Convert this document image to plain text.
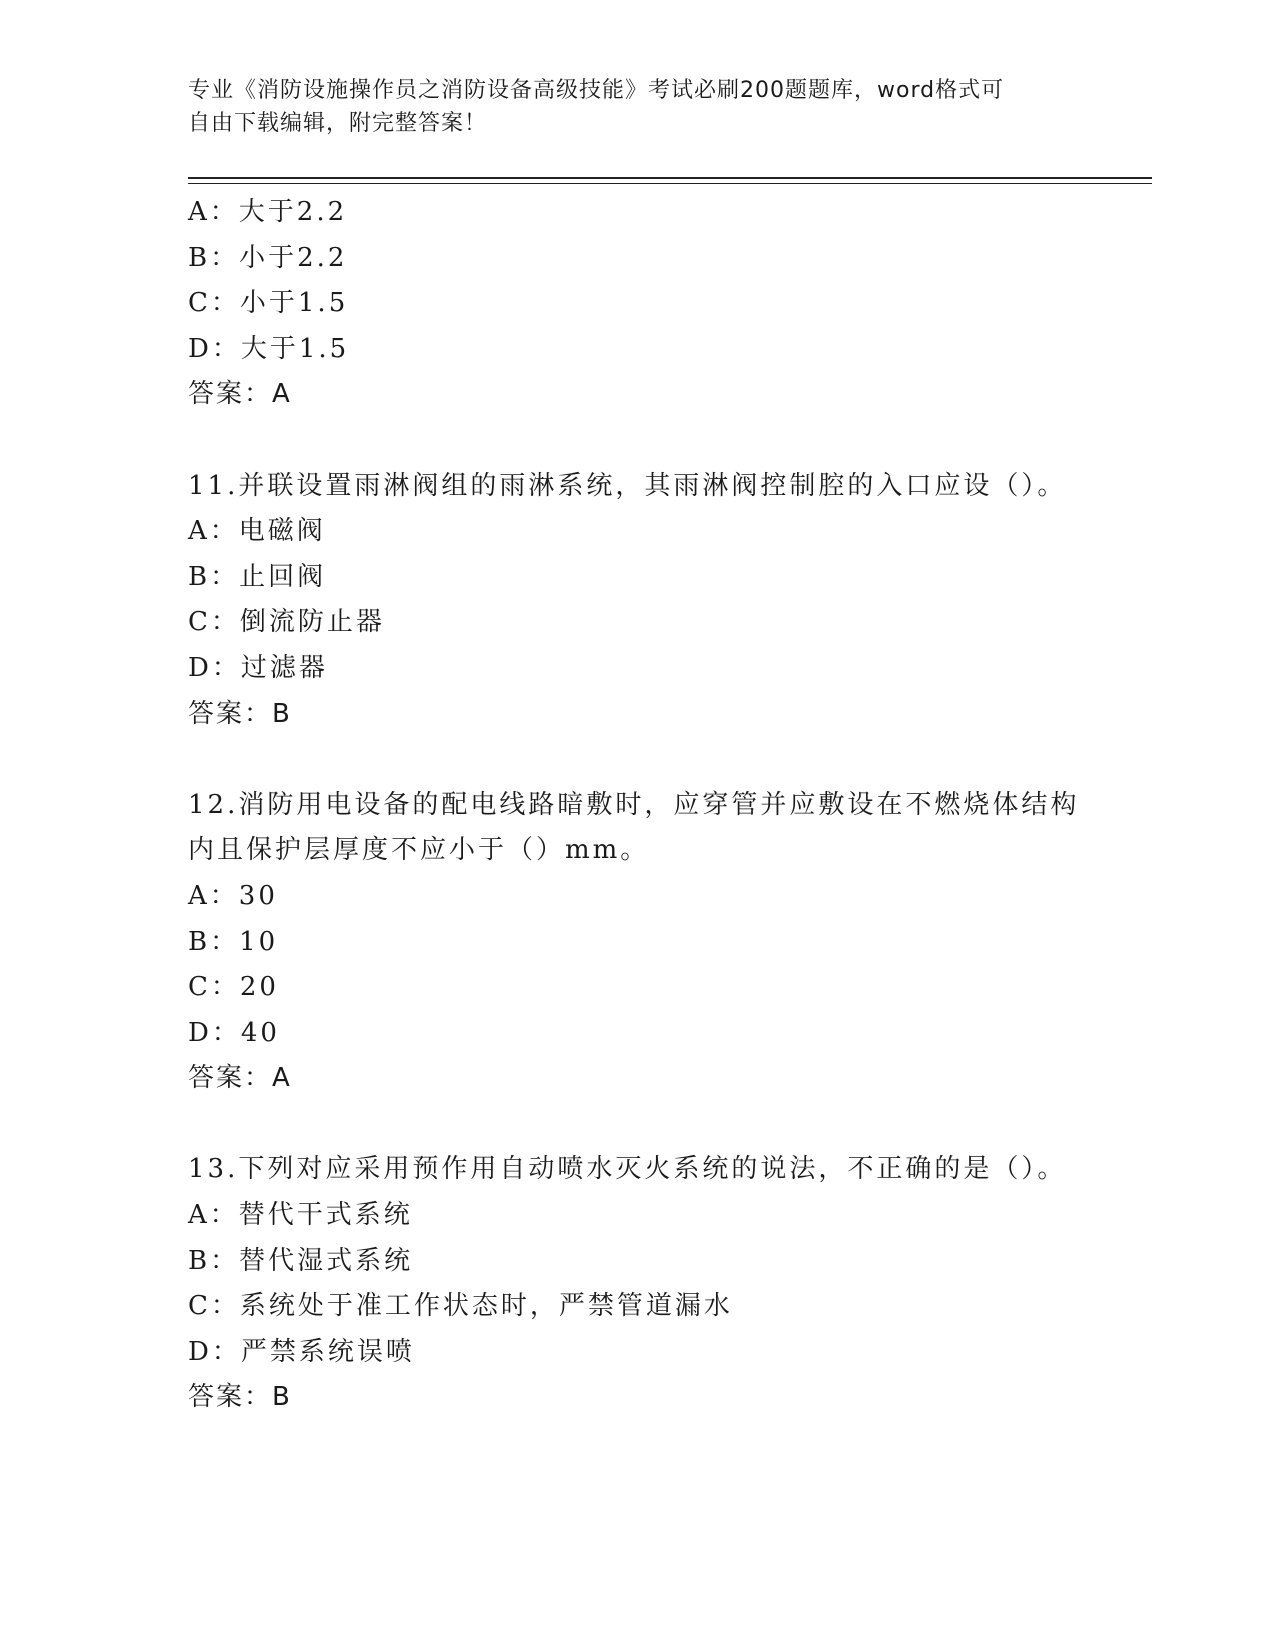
专业《消防设施操作员之消防设备高级技能》考试必刷200题题库，word格式可
自由下载编辑，附完整答案！
A：大于2.2
B：小于2.2
C：小于1.5
D：大于1.5
答案：A
11.并联设置雨淋阀组的雨淋系统，其雨淋阀控制腔的入口应设（）。
A：电磁阀
B：止回阀
C：倒流防止器
D：过滤器
答案：B
12.消防用电设备的配电线路暗敷时，应穿管并应敷设在不燃烧体结构
内且保护层厚度不应小于（）mm。
A：30
B：10
C：20
D：40
答案：A
13.下列对应采用预作用自动喷水灭火系统的说法，不正确的是（）。
A：替代干式系统
B：替代湿式系统
C：系统处于准工作状态时，严禁管道漏水
D：严禁系统误喷
答案：B
